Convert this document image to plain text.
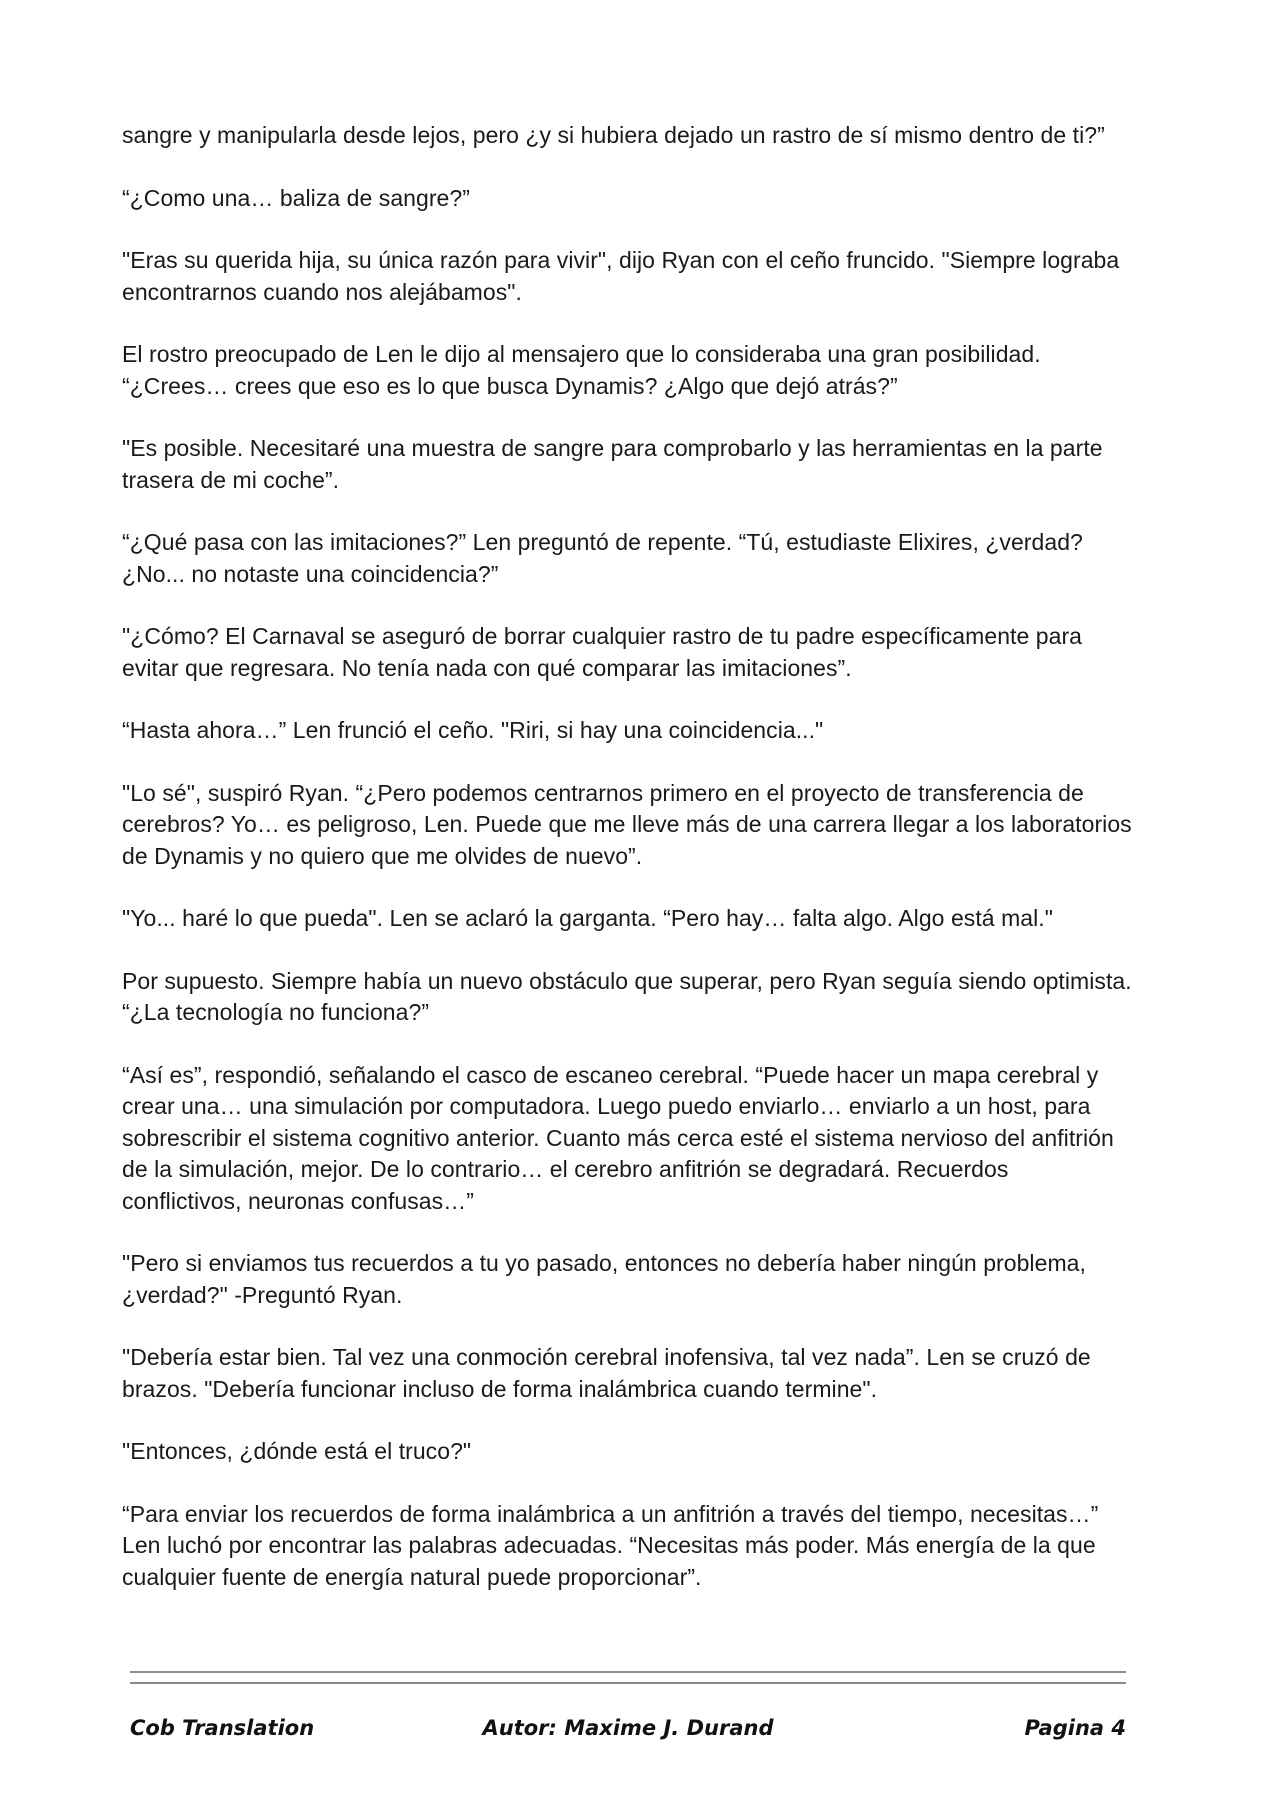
sangre y manipularla desde lejos, pero ¿y si hubiera dejado un rastro de sí mismo dentro de ti?”

“¿Como una… baliza de sangre?”

"Eras su querida hija, su única razón para vivir", dijo Ryan con el ceño fruncido. "Siempre lograba encontrarnos cuando nos alejábamos".

El rostro preocupado de Len le dijo al mensajero que lo consideraba una gran posibilidad. “¿Crees… crees que eso es lo que busca Dynamis? ¿Algo que dejó atrás?”

"Es posible. Necesitaré una muestra de sangre para comprobarlo y las herramientas en la parte trasera de mi coche”.

“¿Qué pasa con las imitaciones?” Len preguntó de repente. “Tú, estudiaste Elixires, ¿verdad? ¿No... no notaste una coincidencia?”

"¿Cómo? El Carnaval se aseguró de borrar cualquier rastro de tu padre específicamente para evitar que regresara. No tenía nada con qué comparar las imitaciones”.

“Hasta ahora…” Len frunció el ceño. "Riri, si hay una coincidencia..."

"Lo sé", suspiró Ryan. “¿Pero podemos centrarnos primero en el proyecto de transferencia de cerebros? Yo… es peligroso, Len. Puede que me lleve más de una carrera llegar a los laboratorios de Dynamis y no quiero que me olvides de nuevo”.

"Yo... haré lo que pueda". Len se aclaró la garganta. “Pero hay… falta algo. Algo está mal."

Por supuesto. Siempre había un nuevo obstáculo que superar, pero Ryan seguía siendo optimista. “¿La tecnología no funciona?”

“Así es”, respondió, señalando el casco de escaneo cerebral. “Puede hacer un mapa cerebral y crear una… una simulación por computadora. Luego puedo enviarlo… enviarlo a un host, para sobrescribir el sistema cognitivo anterior. Cuanto más cerca esté el sistema nervioso del anfitrión de la simulación, mejor. De lo contrario… el cerebro anfitrión se degradará. Recuerdos conflictivos, neuronas confusas…”

"Pero si enviamos tus recuerdos a tu yo pasado, entonces no debería haber ningún problema, ¿verdad?" -Preguntó Ryan.

"Debería estar bien. Tal vez una conmoción cerebral inofensiva, tal vez nada”. Len se cruzó de brazos. "Debería funcionar incluso de forma inalámbrica cuando termine".

"Entonces, ¿dónde está el truco?"

“Para enviar los recuerdos de forma inalámbrica a un anfitrión a través del tiempo, necesitas…” Len luchó por encontrar las palabras adecuadas. “Necesitas más poder. Más energía de la que cualquier fuente de energía natural puede proporcionar”.

Cob Translation	Autor: Maxime J. Durand	Pagina 4
